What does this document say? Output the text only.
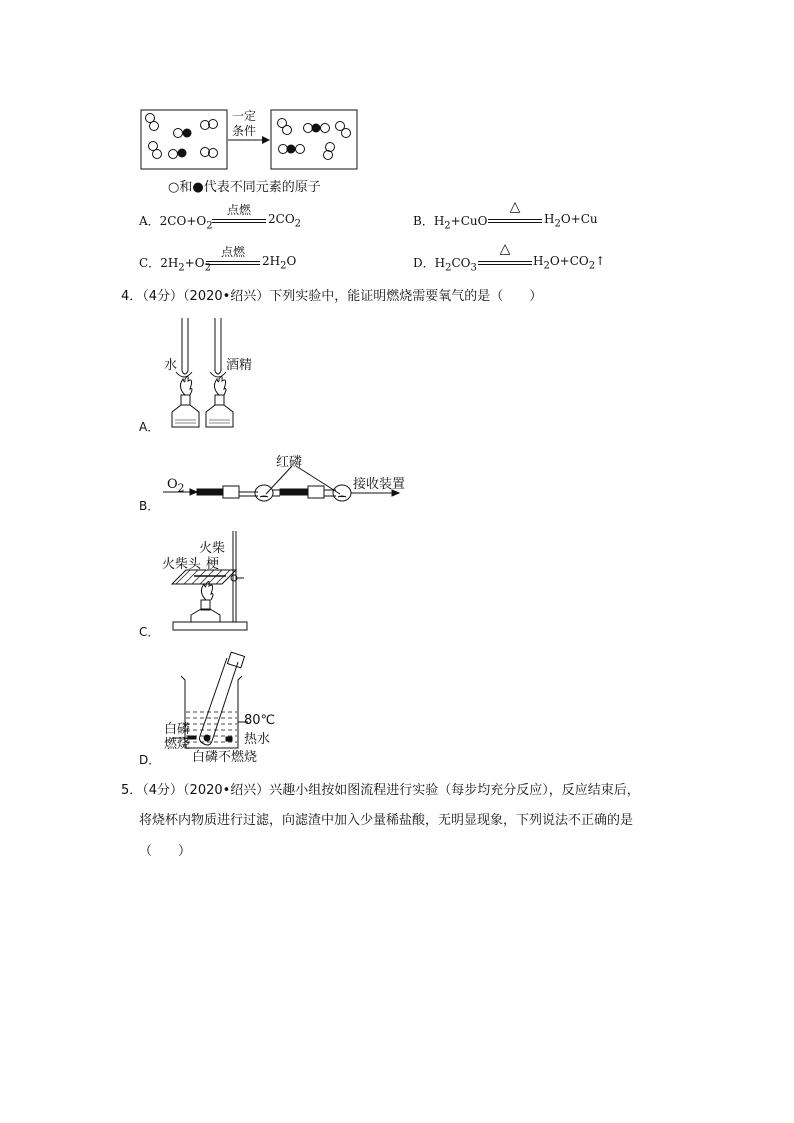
一定
条件
○和●代表不同元素的原子
A．$2CO+O_2$
点燃
$2CO_2$	B．$H_2+CuO$
△
$H_2O+Cu$
C．$2H_2+O_2$
点燃
$2H_2O$	D．$H_2CO_3$
△
$H_2O+CO_2↑$
4．（4分）（2020•绍兴）下列实验中，能证明燃烧需要氧气的是（　　）
水	酒精
A．
$O_2$
红磷
接收装置
B．
火柴
梗
火柴头
C．
白磷
燃烧
80℃
热水
白磷不燃烧
D．
5．（4分）（2020•绍兴）兴趣小组按如图流程进行实验（每步均充分反应），反应结束后，
将烧杯内物质进行过滤，向滤渣中加入少量稀盐酸，无明显现象，下列说法不正确的是
（　　）
